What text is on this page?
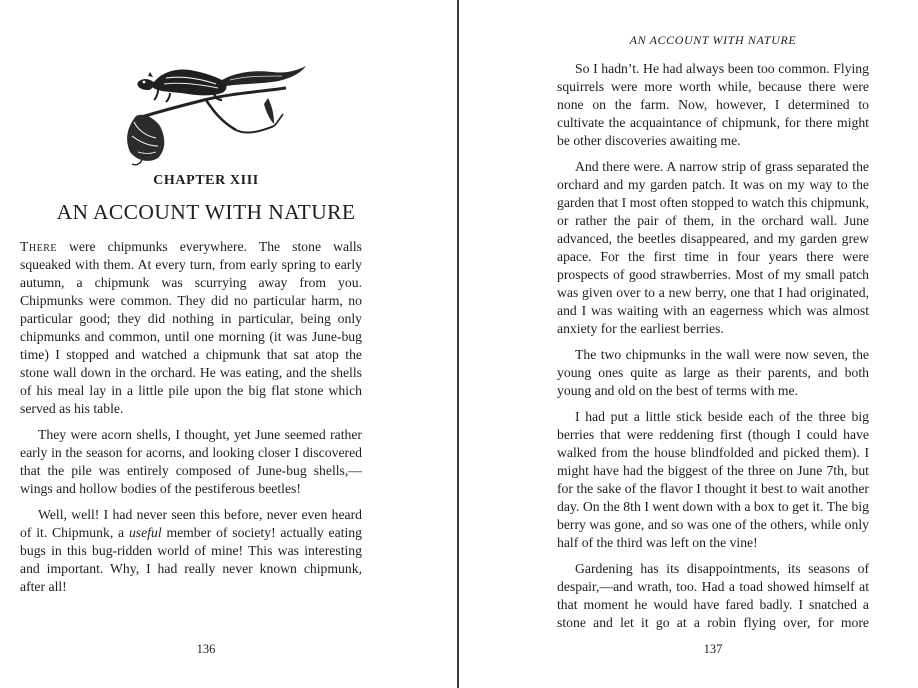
CHAPTER XIII
AN ACCOUNT WITH NATURE

There were chipmunks everywhere. The stone walls squeaked with them. At every turn, from early spring to early autumn, a chipmunk was scurrying away from you. Chipmunks were common. They did no particular harm, no particular good; they did nothing in particular, being only chipmunks and common, until one morning (it was June-bug time) I stopped and watched a chipmunk that sat atop the stone wall down in the orchard. He was eating, and the shells of his meal lay in a little pile upon the big flat stone which served as his table.

They were acorn shells, I thought, yet June seemed rather early in the season for acorns, and looking closer I discovered that the pile was entirely composed of June-bug shells,—wings and hollow bodies of the pestiferous beetles!

Well, well! I had never seen this before, never even heard of it. Chipmunk, a useful member of society! actually eating bugs in this bug-ridden world of mine! This was interesting and important. Why, I had really never known chipmunk, after all!

136
AN ACCOUNT WITH NATURE

So I hadn’t. He had always been too common. Flying squirrels were more worth while, because there were none on the farm. Now, however, I determined to cultivate the acquaintance of chipmunk, for there might be other discoveries awaiting me.

And there were. A narrow strip of grass separated the orchard and my garden patch. It was on my way to the garden that I most often stopped to watch this chipmunk, or rather the pair of them, in the orchard wall. June advanced, the beetles disappeared, and my garden grew apace. For the first time in four years there were prospects of good strawberries. Most of my small patch was given over to a new berry, one that I had originated, and I was waiting with an eagerness which was almost anxiety for the earliest berries.

The two chipmunks in the wall were now seven, the young ones quite as large as their parents, and both young and old on the best of terms with me.

I had put a little stick beside each of the three big berries that were reddening first (though I could have walked from the house blindfolded and picked them). I might have had the biggest of the three on June 7th, but for the sake of the flavor I thought it best to wait another day. On the 8th I went down with a box to get it. The big berry was gone, and so was one of the others, while only half of the third was left on the vine!

Gardening has its disappointments, its seasons of despair,—and wrath, too. Had a toad showed himself at that moment he would have fared badly. I snatched a stone and let it go at a robin flying over, for more

137
